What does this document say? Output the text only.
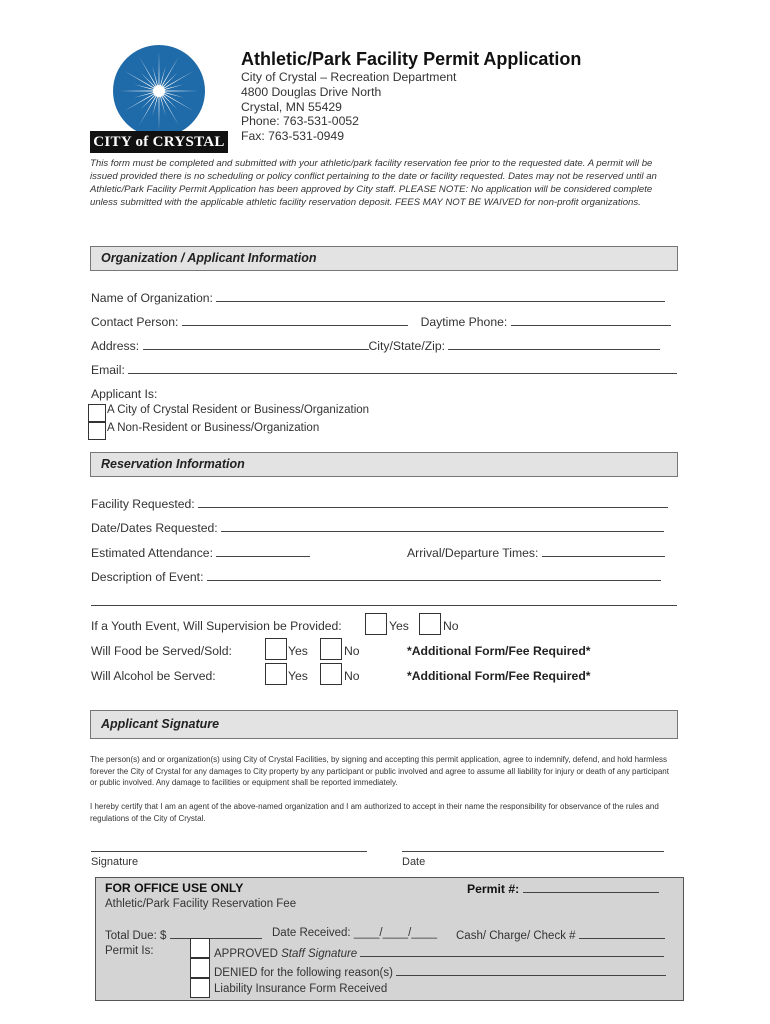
CITY of CRYSTAL
Athletic/Park Facility Permit Application
City of Crystal – Recreation Department
4800 Douglas Drive North
Crystal, MN 55429
Phone: 763-531-0052
Fax: 763-531-0949
This form must be completed and submitted with your athletic/park facility reservation fee prior to the requested date. A permit will be issued provided there is no scheduling or policy conflict pertaining to the date or facility requested. Dates may not be reserved until an Athletic/Park Facility Permit Application has been approved by City staff. PLEASE NOTE: No application will be considered complete unless submitted with the applicable athletic facility reservation deposit. FEES MAY NOT BE WAIVED for non-profit organizations.
Organization / Applicant Information
Name of Organization:
Contact Person:	Daytime Phone:
Address:	City/State/Zip:
Email:
Applicant Is:
A City of Crystal Resident or Business/Organization
A Non-Resident or Business/Organization
Reservation Information
Facility Requested:
Date/Dates Requested:
Estimated Attendance:	Arrival/Departure Times:
Description of Event:
If a Youth Event, Will Supervision be Provided:	Yes	No
Will Food be Served/Sold:	Yes	No	*Additional Form/Fee Required*
Will Alcohol be Served:	Yes	No	*Additional Form/Fee Required*
Applicant Signature
The person(s) and or organization(s) using City of Crystal Facilities, by signing and accepting this permit application, agree to indemnify, defend, and hold harmless forever the City of Crystal for any damages to City property by any participant or public involved and agree to assume all liability for injury or death of any participant or public involved. Any damage to facilities or equipment shall be reported immediately.
I hereby certify that I am an agent of the above-named organization and I am authorized to accept in their name the responsibility for observance of the rules and regulations of the City of Crystal.
Signature	Date
FOR OFFICE USE ONLY	Permit #:
Athletic/Park Facility Reservation Fee
Total Due: $	Date Received: ____/____/____ Cash/ Charge/ Check #
Permit Is:	APPROVED Staff Signature
DENIED for the following reason(s)
Liability Insurance Form Received
